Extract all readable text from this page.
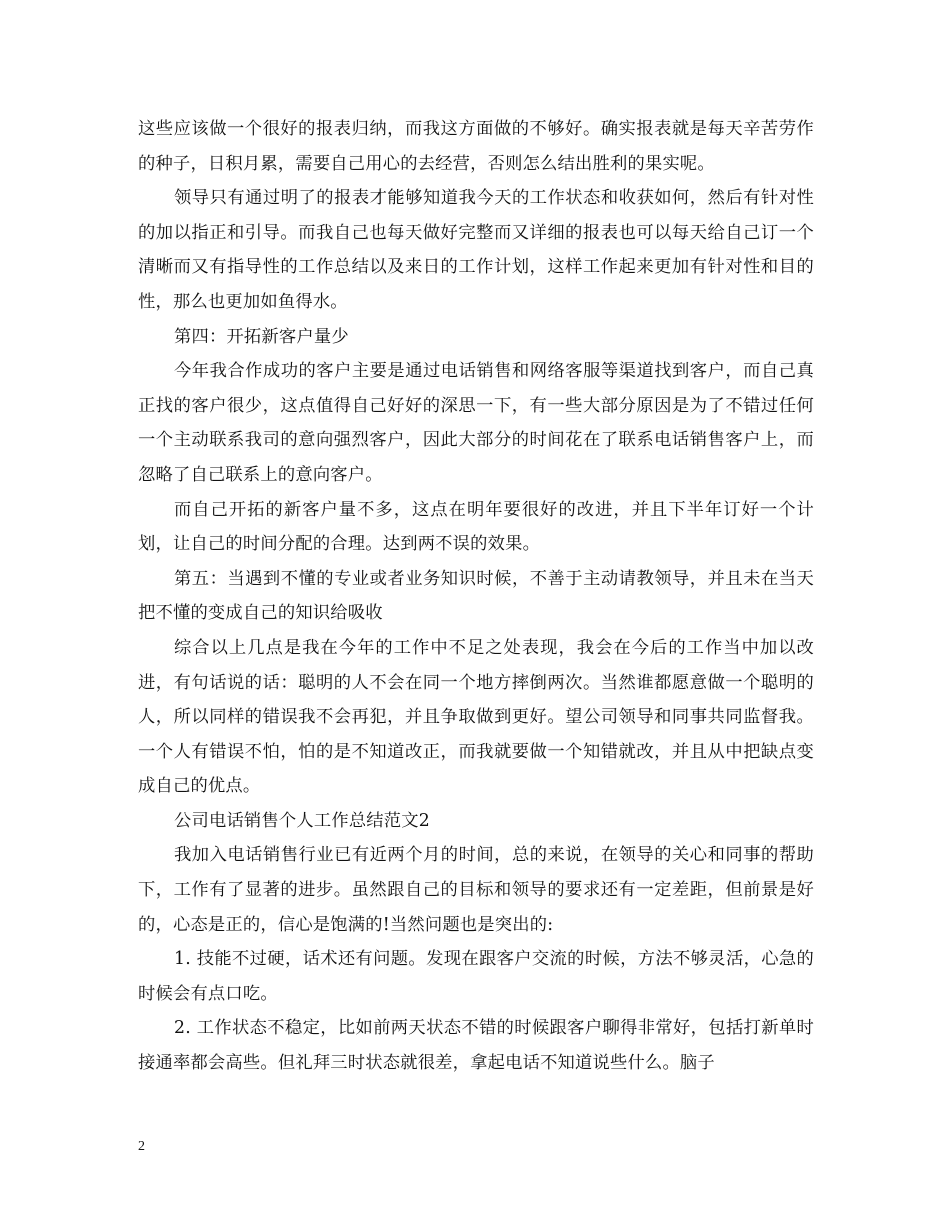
这些应该做一个很好的报表归纳，而我这方面做的不够好。确实报表就是每天辛苦劳作的种子，日积月累，需要自己用心的去经营，否则怎么结出胜利的果实呢。

领导只有通过明了的报表才能够知道我今天的工作状态和收获如何，然后有针对性的加以指正和引导。而我自己也每天做好完整而又详细的报表也可以每天给自己订一个清晰而又有指导性的工作总结以及来日的工作计划，这样工作起来更加有针对性和目的性，那么也更加如鱼得水。

第四：开拓新客户量少

今年我合作成功的客户主要是通过电话销售和网络客服等渠道找到客户，而自己真正找的客户很少，这点值得自己好好的深思一下，有一些大部分原因是为了不错过任何一个主动联系我司的意向强烈客户，因此大部分的时间花在了联系电话销售客户上，而忽略了自己联系上的意向客户。

而自己开拓的新客户量不多，这点在明年要很好的改进，并且下半年订好一个计划，让自己的时间分配的合理。达到两不误的效果。

第五：当遇到不懂的专业或者业务知识时候，不善于主动请教领导，并且未在当天把不懂的变成自己的知识给吸收

综合以上几点是我在今年的工作中不足之处表现，我会在今后的工作当中加以改进，有句话说的话：聪明的人不会在同一个地方摔倒两次。当然谁都愿意做一个聪明的人，所以同样的错误我不会再犯，并且争取做到更好。望公司领导和同事共同监督我。一个人有错误不怕，怕的是不知道改正，而我就要做一个知错就改，并且从中把缺点变成自己的优点。

公司电话销售个人工作总结范文2

我加入电话销售行业已有近两个月的时间，总的来说，在领导的关心和同事的帮助下，工作有了显著的进步。虽然跟自己的目标和领导的要求还有一定差距，但前景是好的，心态是正的，信心是饱满的!当然问题也是突出的:

1. 技能不过硬，话术还有问题。发现在跟客户交流的时候，方法不够灵活，心急的时候会有点口吃。

2. 工作状态不稳定，比如前两天状态不错的时候跟客户聊得非常好，包括打新单时接通率都会高些。但礼拜三时状态就很差，拿起电话不知道说些什么。脑子

2
